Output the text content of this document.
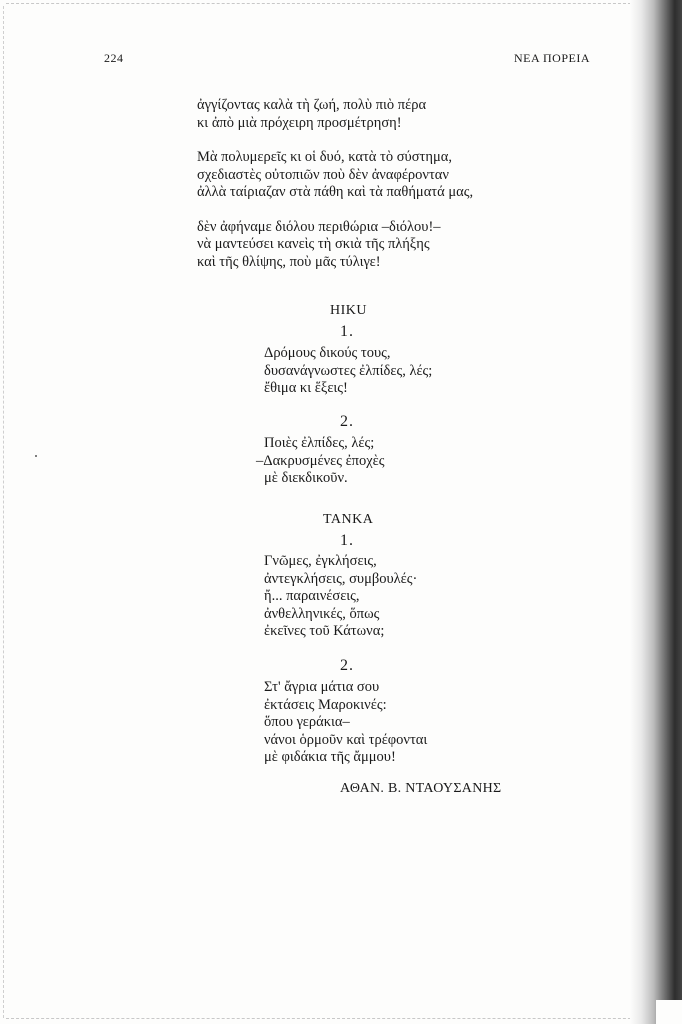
224	ΝΕΑ ΠΟΡΕΙΑ
ἀγγίζοντας καλὰ τὴ ζωή, πολὺ πιὸ πέρα
κι ἀπὸ μιὰ πρόχειρη προσμέτρηση!
Μὰ πολυμερεῖς κι οἱ δυό, κατὰ τὸ σύστημα,
σχεδιαστὲς οὐτοπιῶν ποὺ δὲν ἀναφέρονταν
ἀλλὰ ταίριαζαν στὰ πάθη καὶ τὰ παθήματά μας,
δὲν ἀφήναμε διόλου περιθώρια –διόλου!–
νὰ μαντεύσει κανεὶς τὴ σκιὰ τῆς πλήξης
καὶ τῆς θλίψης, ποὺ μᾶς τύλιγε!
ΗΙΚU
1.
Δρόμους δικούς τους,
δυσανάγνωστες ἐλπίδες, λές;
ἔθιμα κι ἕξεις!
2.
Ποιὲς ἐλπίδες, λές;
–Δακρυσμένες ἐποχὲς
μὲ διεκδικοῦν.
ΤΑΝΚΑ
1.
Γνῶμες, ἐγκλήσεις,
ἀντεγκλήσεις, συμβουλές·
ἤ... παραινέσεις,
ἀνθελληνικές, ὅπως
ἐκεῖνες τοῦ Κάτωνα;
2.
Στ' ἄγρια μάτια σου
ἐκτάσεις Μαροκινές:
ὅπου γεράκια–
νάνοι ὁρμοῦν καὶ τρέφονται
μὲ φιδάκια τῆς ἄμμου!
ΑΘΑΝ. Β. ΝΤΑΟΥΣΑΝΗΣ
